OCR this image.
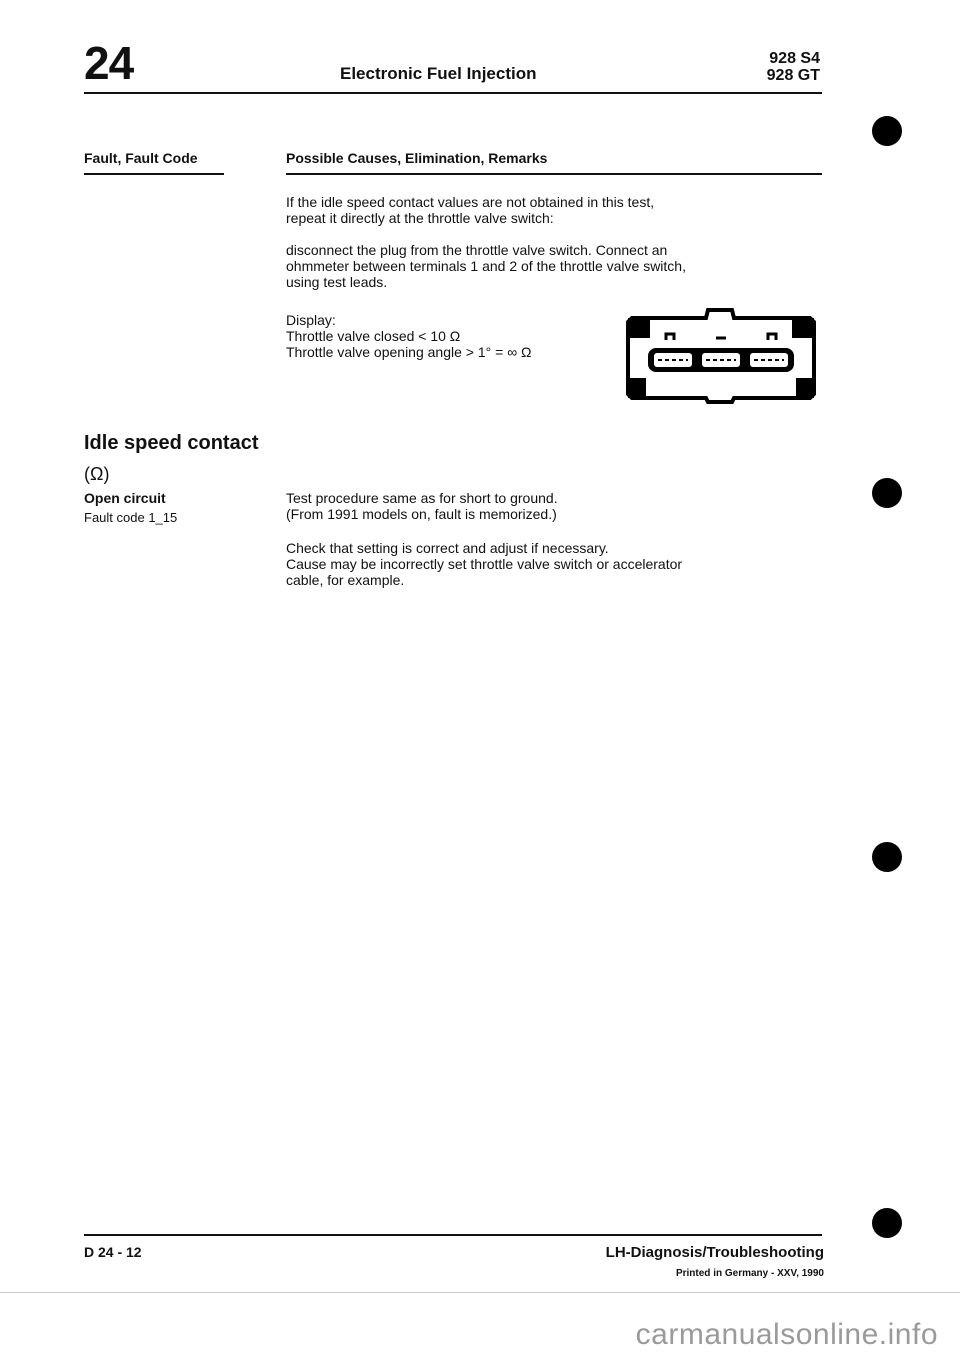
24	Electronic Fuel Injection
928 S4
928 GT
Fault, Fault Code	Possible Causes, Elimination, Remarks
If the idle speed contact values are not obtained in this test,
repeat it directly at the throttle valve switch:
disconnect the plug from the throttle valve switch. Connect an
ohmmeter between terminals 1 and 2 of the throttle valve switch,
using test leads.
Display:
Throttle valve closed < 10 Ω
Throttle valve opening angle > 1° = ∞ Ω
Idle speed contact
(Ω)
Open circuit
Fault code 1_15
Test procedure same as for short to ground.
(From 1991 models on, fault is memorized.)
Check that setting is correct and adjust if necessary.
Cause may be incorrectly set throttle valve switch or accelerator
cable, for example.
D 24 - 12	LH-Diagnosis/Troubleshooting
Printed in Germany - XXV, 1990
carmanualsonline.info
